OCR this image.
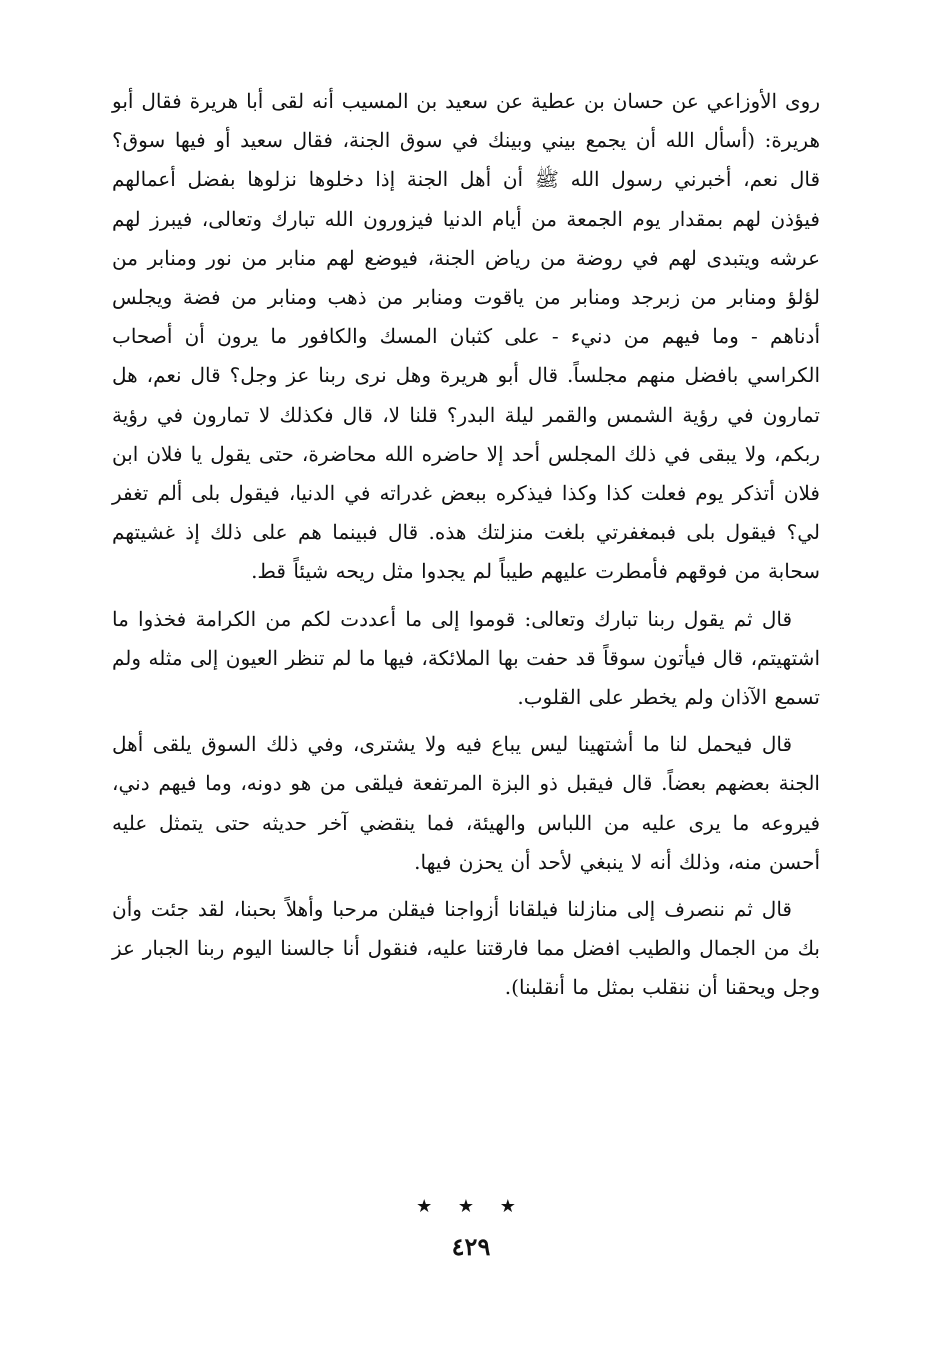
روى الأوزاعي عن حسان بن عطية عن سعيد بن المسيب أنه لقى أبا هريرة فقال أبو هريرة: (أسأل الله أن يجمع بيني وبينك في سوق الجنة، فقال سعيد أو فيها سوق؟ قال نعم، أخبرني رسول الله ﷺ أن أهل الجنة إذا دخلوها نزلوها بفضل أعمالهم فيؤذن لهم بمقدار يوم الجمعة من أيام الدنيا فيزورون الله تبارك وتعالى، فيبرز لهم عرشه ويتبدى لهم في روضة من رياض الجنة، فيوضع لهم منابر من نور ومنابر من لؤلؤ ومنابر من زبرجد ومنابر من ياقوت ومنابر من ذهب ومنابر من فضة ويجلس أدناهم - وما فيهم من دنيء - على كثبان المسك والكافور ما يرون أن أصحاب الكراسي بافضل منهم مجلساً. قال أبو هريرة وهل نرى ربنا عز وجل؟ قال نعم، هل تمارون في رؤية الشمس والقمر ليلة البدر؟ قلنا لا، قال فكذلك لا تمارون في رؤية ربكم، ولا يبقى في ذلك المجلس أحد إلا حاضره الله محاضرة، حتى يقول يا فلان ابن فلان أتذكر يوم فعلت كذا وكذا فيذكره ببعض غدراته في الدنيا، فيقول بلى ألم تغفر لي؟ فيقول بلى فبمغفرتي بلغت منزلتك هذه. قال فبينما هم على ذلك إذ غشيتهم سحابة من فوقهم فأمطرت عليهم طيباً لم يجدوا مثل ريحه شيئاً قط.

قال ثم يقول ربنا تبارك وتعالى: قوموا إلى ما أعددت لكم من الكرامة فخذوا ما اشتهيتم، قال فيأتون سوقاً قد حفت بها الملائكة، فيها ما لم تنظر العيون إلى مثله ولم تسمع الآذان ولم يخطر على القلوب.

قال فيحمل لنا ما أشتهينا ليس يباع فيه ولا يشترى، وفي ذلك السوق يلقى أهل الجنة بعضهم بعضاً. قال فيقبل ذو البزة المرتفعة فيلقى من هو دونه، وما فيهم دني، فيروعه ما يرى عليه من اللباس والهيئة، فما ينقضي آخر حديثه حتى يتمثل عليه أحسن منه، وذلك أنه لا ينبغي لأحد أن يحزن فيها.

قال ثم ننصرف إلى منازلنا فيلقانا أزواجنا فيقلن مرحبا وأهلاً بحبنا، لقد جئت وأن بك من الجمال والطيب افضل مما فارقتنا عليه، فنقول أنا جالسنا اليوم ربنا الجبار عز وجل ويحقنا أن ننقلب بمثل ما أنقلبنا).

★ ★ ★
٤٢٩
